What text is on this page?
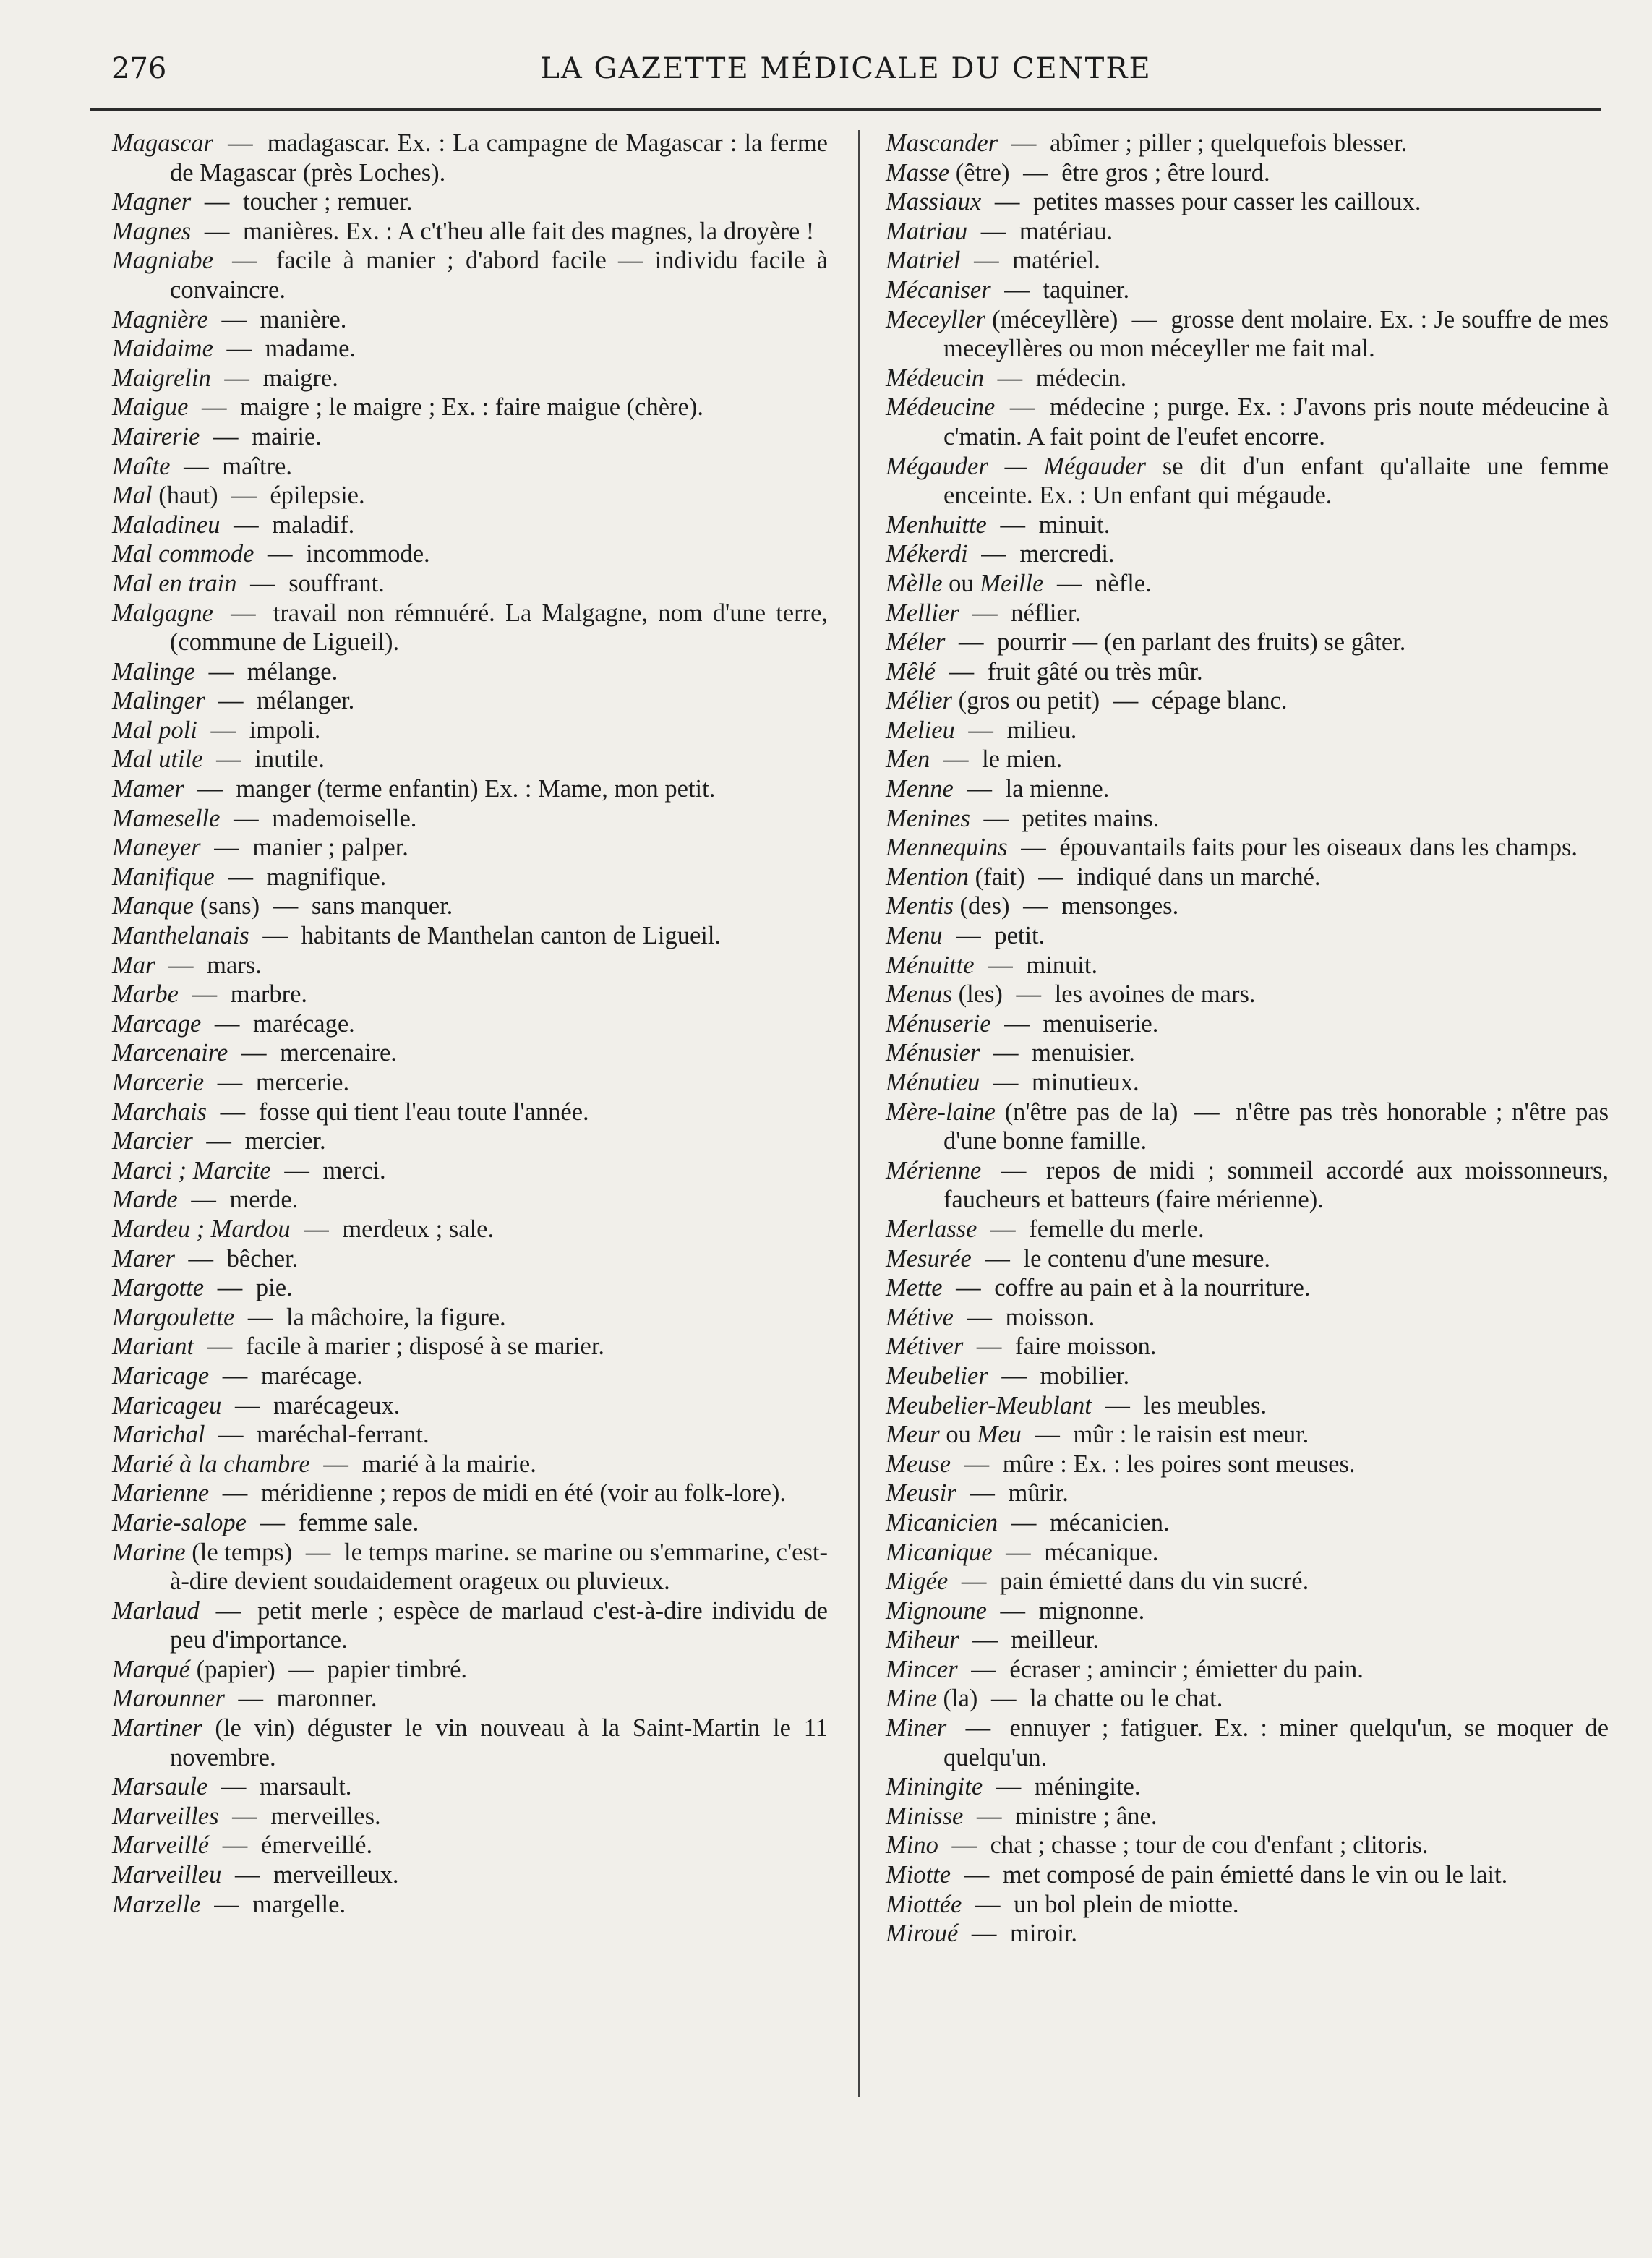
276	LA GAZETTE MÉDICALE DU CENTRE

Magascar — madagascar. Ex. : La campagne de Magascar : la ferme de Magascar (près Loches).

Magner — toucher ; remuer.

Magnes — manières. Ex. : A c't'heu alle fait des magnes, la droyère !

Magniabe — facile à manier ; d'abord facile — individu facile à convaincre.

Magnière — manière.

Maidaime — madame.

Maigrelin — maigre.

Maigue — maigre ; le maigre ; Ex. : faire maigue (chère).

Mairerie — mairie.

Maîte — maître.

Mal (haut) — épilepsie.

Maladineu — maladif.

Mal commode — incommode.

Mal en train — souffrant.

Malgagne — travail non rémnuéré. La Malgagne, nom d'une terre, (commune de Ligueil).

Malinge — mélange.

Malinger — mélanger.

Mal poli — impoli.

Mal utile — inutile.

Mamer — manger (terme enfantin) Ex. : Mame, mon petit.

Mameselle — mademoiselle.

Maneyer — manier ; palper.

Manifique — magnifique.

Manque (sans) — sans manquer.

Manthelanais — habitants de Manthelan canton de Ligueil.

Mar — mars.

Marbe — marbre.

Marcage — marécage.

Marcenaire — mercenaire.

Marcerie — mercerie.

Marchais — fosse qui tient l'eau toute l'année.

Marcier — mercier.

Marci ; Marcite — merci.

Marde — merde.

Mardeu ; Mardou — merdeux ; sale.

Marer — bêcher.

Margotte — pie.

Margoulette — la mâchoire, la figure.

Mariant — facile à marier ; disposé à se marier.

Maricage — marécage.

Maricageu — marécageux.

Marichal — maréchal-ferrant.

Marié à la chambre — marié à la mairie.

Marienne — méridienne ; repos de midi en été (voir au folk-lore).

Marie-salope — femme sale.

Marine (le temps) — le temps marine. se marine ou s'emmarine, c'est-à-dire devient soudaidement orageux ou pluvieux.

Marlaud — petit merle ; espèce de marlaud c'est-à-dire individu de peu d'importance.

Marqué (papier) — papier timbré.

Marounner — maronner.

Martiner (le vin) déguster le vin nouveau à la Saint-Martin le 11 novembre.

Marsaule — marsault.

Marveilles — merveilles.

Marveillé — émerveillé.

Marveilleu — merveilleux.

Marzelle — margelle.

Mascander — abîmer ; piller ; quelquefois blesser.

Masse (être) — être gros ; être lourd.

Massiaux — petites masses pour casser les cailloux.

Matriau — matériau.

Matriel — matériel.

Mécaniser — taquiner.

Meceyller (méceyllère) — grosse dent molaire. Ex. : Je souffre de mes meceyllères ou mon méceyller me fait mal.

Médeucin — médecin.

Médeucine — médecine ; purge. Ex. : J'avons pris noute médeucine à c'matin. A fait point de l'eufet encorre.

Mégauder — Mégauder se dit d'un enfant qu'allaite une femme enceinte. Ex. : Un enfant qui mégaude.

Menhuitte — minuit.

Mékerdi — mercredi.

Mèlle ou Meille — nèfle.

Mellier — néflier.

Méler — pourrir — (en parlant des fruits) se gâter.

Mêlé — fruit gâté ou très mûr.

Mélier (gros ou petit) — cépage blanc.

Melieu — milieu.

Men — le mien.

Menne — la mienne.

Menines — petites mains.

Mennequins — épouvantails faits pour les oiseaux dans les champs.

Mention (fait) — indiqué dans un marché.

Mentis (des) — mensonges.

Menu — petit.

Ménuitte — minuit.

Menus (les) — les avoines de mars.

Ménuserie — menuiserie.

Ménusier — menuisier.

Ménutieu — minutieux.

Mère-laine (n'être pas de la) — n'être pas très honorable ; n'être pas d'une bonne famille.

Mérienne — repos de midi ; sommeil accordé aux moissonneurs, faucheurs et batteurs (faire mérienne).

Merlasse — femelle du merle.

Mesurée — le contenu d'une mesure.

Mette — coffre au pain et à la nourriture.

Métive — moisson.

Métiver — faire moisson.

Meubelier — mobilier.

Meubelier-Meublant — les meubles.

Meur ou Meu — mûr : le raisin est meur.

Meuse — mûre : Ex. : les poires sont meuses.

Meusir — mûrir.

Micanicien — mécanicien.

Micanique — mécanique.

Migée — pain émietté dans du vin sucré.

Mignoune — mignonne.

Miheur — meilleur.

Mincer — écraser ; amincir ; émietter du pain.

Mine (la) — la chatte ou le chat.

Miner — ennuyer ; fatiguer. Ex. : miner quelqu'un, se moquer de quelqu'un.

Miningite — méningite.

Minisse — ministre ; âne.

Mino — chat ; chasse ; tour de cou d'enfant ; clitoris.

Miotte — met composé de pain émietté dans le vin ou le lait.

Miottée — un bol plein de miotte.

Miroué — miroir.
